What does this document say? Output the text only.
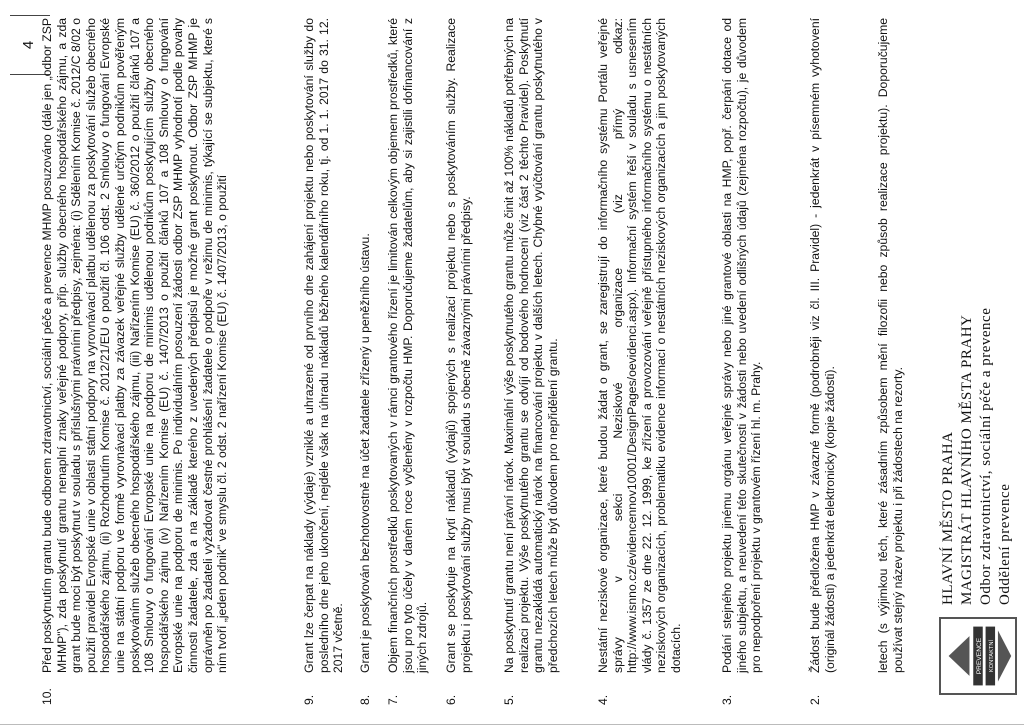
4
10.
Před poskytnutím grantu bude odborem zdravotnictví, sociální péče a prevence MHMP posuzováno (dále jen „odbor ZSP MHMP"), zda poskytnutí grantu nenaplní znaky veřejné podpory, příp. služby obecného hospodářského zájmu, a zda grant bude moci být poskytnut v souladu s příslušnými právními předpisy, zejména: (i) Sdělením Komise č. 2012/C 8/02 o použití pravidel Evropské unie v oblasti státní podpory na vyrovnávací platbu udělenou za poskytování služeb obecného hospodářského zájmu, (ii) Rozhodnutím Komise č. 2012/21/EU o použití čl. 106 odst. 2 Smlouvy o fungování Evropské unie na státní podporu ve formě vyrovnávací platby za závazek veřejné služby udělené určitým podnikům pověřeným poskytováním služeb obecného hospodářského zájmu, (iii) Nařízením Komise (EU) č. 360/2012 o použití článků 107 a 108 Smlouvy o fungování Evropské unie na podporu de minimis udělenou podnikům poskytujícím služby obecného hospodářského zájmu (iv) Nařízením Komise (EU) č. 1407/2013 o použití článků 107 a 108 Smlouvy o fungování Evropské unie na podporu de minimis. Po individuálním posouzení žádosti odbor ZSP MHMP vyhodnotí podle povahy činnosti žadatele, zda a na základě kterého z uvedených předpisů je možné grant poskytnout. Odbor ZSP MHMP je oprávněn po žadateli vyžadovat čestné prohlášení žadatele o podpoře v režimu de minimis, týkající se subjektu, které s ním tvoří „jeden podnik" ve smyslu čl. 2 odst. 2 nařízení Komise (EU) č. 1407/2013, o použití
9.
Grant lze čerpat na náklady (výdaje) vzniklé a uhrazené od prvního dne zahájení projektu nebo poskytování služby do posledního dne jeho ukončení, nejdéle však na úhradu nákladů běžného kalendářního roku, tj. od 1. 1. 2017 do 31. 12. 2017 včetně.
8.
Grant je poskytován bezhotovostně na účet žadatele zřízený u peněžního ústavu.
7.
Objem finančních prostředků poskytovaných v rámci grantového řízení je limitován celkovým objemem prostředků, které jsou pro tyto účely v daném roce vyčleněny v rozpočtu HMP. Doporučujeme žadatelům, aby si zajistili dofinancování z jiných zdrojů.
6.
Grant se poskytuje na krytí nákladů (výdajů) spojených s realizací projektu nebo s poskytováním služby. Realizace projektu i poskytování služby musí být v souladu s obecně závaznými právními předpisy.
5.
Na poskytnutí grantu není právní nárok. Maximální výše poskytnutého grantu může činit až 100% nákladů potřebných na realizaci projektu. Výše poskytnutého grantu se odvíjí od bodového hodnocení (viz část 2 těchto Pravidel). Poskytnutí grantu nezakládá automatický nárok na financování projektu v dalších letech. Chybné vyúčtování grantu poskytnutého v předchozích letech může být důvodem pro nepřidělení grantu.
4.
Nestátní neziskové organizace, které budou žádat o grant, se zaregistrují do informačního systému Portálu veřejné správy v sekci Neziskové organizace (viz přímý odkaz: http://www.isnno.cz/evidencennov10001/DesignPages/oevidenci.aspx). Informační systém řeší v souladu s usnesením vlády č. 1357 ze dne 22. 12. 1999, ke zřízení a provozování veřejně přístupného informačního systému o nestátních neziskových organizacích, problematiku evidence informací o nestátních neziskových organizacích a jim poskytovaných dotacích.
3.
Podání stejného projektu jinému orgánu veřejné správy nebo jiné grantové oblasti na HMP, popř. čerpání dotace od jiného subjektu, a neuvedení této skutečnosti v žádosti nebo uvedení odlišných údajů (zejména rozpočtu), je důvodem pro nepodpoření projektu v grantovém řízení hl. m. Prahy.
2.
Žádost bude předložena HMP v závazné formě (podrobněji viz čl. III. Pravidel) - jedenkrát v písemném vyhotovení (originál žádosti) a jedenkrát elektronicky (kopie žádosti).	letech (s výjimkou těch, které zásadním způsobem mění filozofii nebo způsob realizace projektu). Doporučujeme používat stejný název projektu i při žádostech na rezorty.	PREVENCE KONTAKTNÍ
HLAVNÍ MĚSTO PRAHA MAGISTRÁT HLAVNÍHO MĚSTA PRAHY Odbor zdravotnictví, sociální péče a prevence Oddělení prevence
